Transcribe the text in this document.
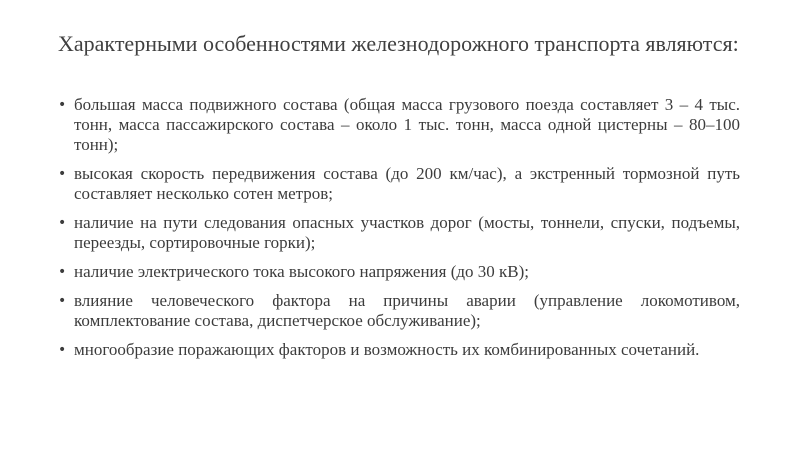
Характерными особенностями железнодорожного транспорта являются:
• большая масса подвижного состава (общая масса грузового поезда составляет 3 – 4 тыс. тонн, масса пассажирского состава – около 1 тыс. тонн, масса одной цистерны – 80–100 тонн);
• высокая скорость передвижения состава (до 200 км/час), а экстренный тормозной путь составляет несколько сотен метров;
• наличие на пути следования опасных участков дорог (мосты, тоннели, спуски, подъемы, переезды, сортировочные горки);
• наличие электрического тока высокого напряжения (до 30 кВ);
• влияние человеческого фактора на причины аварии (управление локомотивом, комплектование состава, диспетчерское обслуживание);
• многообразие поражающих факторов и возможность их комбинированных сочетаний.
